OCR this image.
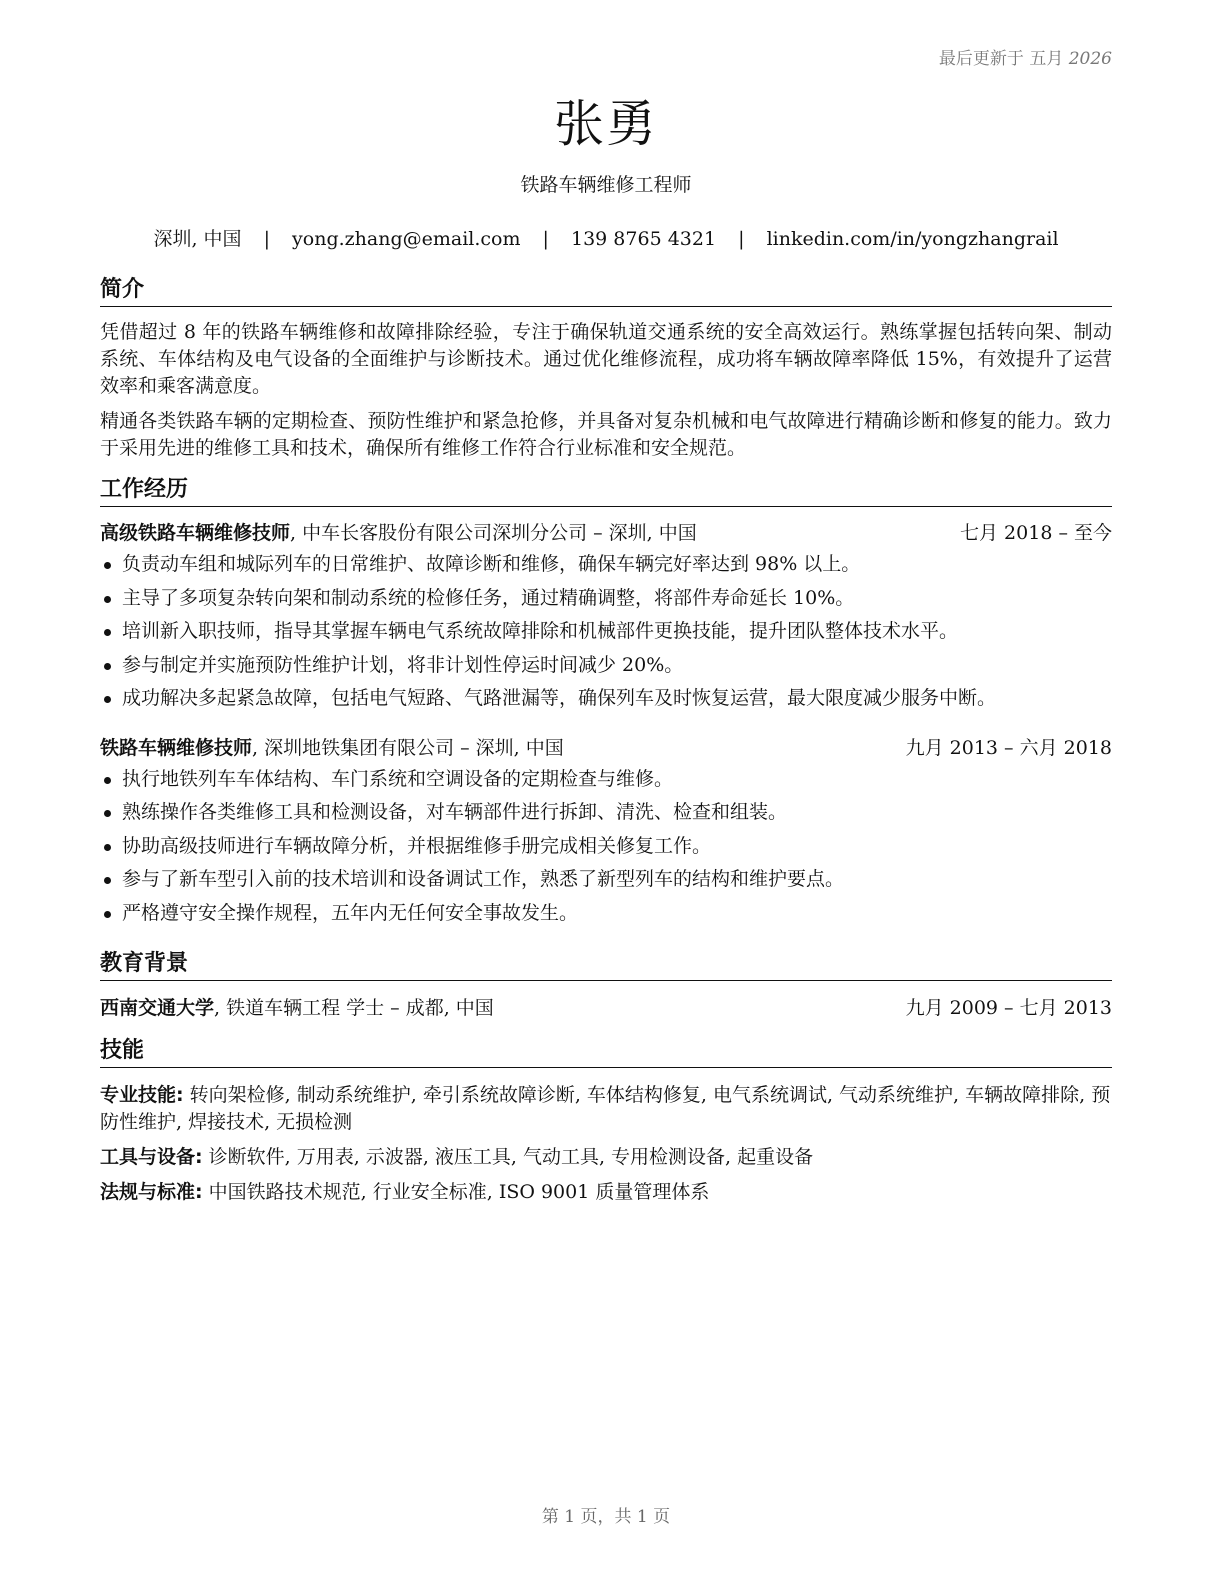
最后更新于 五月 2026
张勇
铁路车辆维修工程师
深圳, 中国 | yong.zhang@email.com | 139 8765 4321 | linkedin.com/in/yongzhangrail
简介

凭借超过 8 年的铁路车辆维修和故障排除经验，专注于确保轨道交通系统的安全高效运行。熟练掌握包括转向架、制动系统、车体结构及电气设备的全面维护与诊断技术。通过优化维修流程，成功将车辆故障率降低 15%，有效提升了运营效率和乘客满意度。

精通各类铁路车辆的定期检查、预防性维护和紧急抢修，并具备对复杂机械和电气故障进行精确诊断和修复的能力。致力于采用先进的维修工具和技术，确保所有维修工作符合行业标准和安全规范。

工作经历
高级铁路车辆维修技师, 中车长客股份有限公司深圳分公司 – 深圳, 中国	七月 2018 – 至今
负责动车组和城际列车的日常维护、故障诊断和维修，确保车辆完好率达到 98% 以上。
主导了多项复杂转向架和制动系统的检修任务，通过精确调整，将部件寿命延长 10%。
培训新入职技师，指导其掌握车辆电气系统故障排除和机械部件更换技能，提升团队整体技术水平。
参与制定并实施预防性维护计划，将非计划性停运时间减少 20%。
成功解决多起紧急故障，包括电气短路、气路泄漏等，确保列车及时恢复运营，最大限度减少服务中断。
铁路车辆维修技师, 深圳地铁集团有限公司 – 深圳, 中国	九月 2013 – 六月 2018
执行地铁列车车体结构、车门系统和空调设备的定期检查与维修。
熟练操作各类维修工具和检测设备，对车辆部件进行拆卸、清洗、检查和组装。
协助高级技师进行车辆故障分析，并根据维修手册完成相关修复工作。
参与了新车型引入前的技术培训和设备调试工作，熟悉了新型列车的结构和维护要点。
严格遵守安全操作规程，五年内无任何安全事故发生。
教育背景
西南交通大学, 铁道车辆工程 学士 – 成都, 中国	九月 2009 – 七月 2013
技能
专业技能: 转向架检修, 制动系统维护, 牵引系统故障诊断, 车体结构修复, 电气系统调试, 气动系统维护, 车辆故障排除, 预防性维护, 焊接技术, 无损检测
工具与设备: 诊断软件, 万用表, 示波器, 液压工具, 气动工具, 专用检测设备, 起重设备
法规与标准: 中国铁路技术规范, 行业安全标准, ISO 9001 质量管理体系
第 1 页，共 1 页
